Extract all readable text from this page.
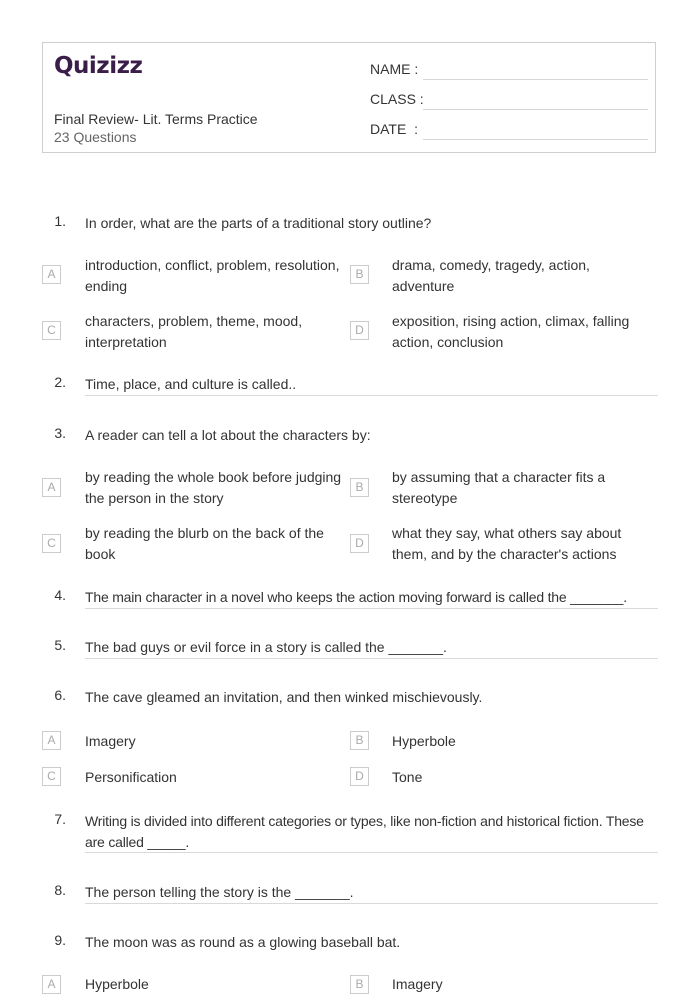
Quizizz
Final Review- Lit. Terms Practice
23 Questions
NAME :
CLASS :
DATE  :
1. In order, what are the parts of a traditional story outline?
A
introduction, conflict, problem, resolution, ending
B
drama, comedy, tragedy, action, adventure
C
characters, problem, theme, mood, interpretation
D
exposition, rising action, climax, falling action, conclusion
2. Time, place, and culture is called..
3. A reader can tell a lot about the characters by:
A
by reading the whole book before judging the person in the story
B
by assuming that a character fits a stereotype
C
by reading the blurb on the back of the book
D
what they say, what others say about them, and by the character's actions
4. The main character in a novel who keeps the action moving forward is called the _______.
5. The bad guys or evil force in a story is called the _______.
6. The cave gleamed an invitation, and then winked mischievously.
A	Imagery	B	Hyperbole
C	Personification	D	Tone
7. Writing is divided into different categories or types, like non-fiction and historical fiction. These are called _____.
8. The person telling the story is the _______.
9. The moon was as round as a glowing baseball bat.
A	Hyperbole	B	Imagery
